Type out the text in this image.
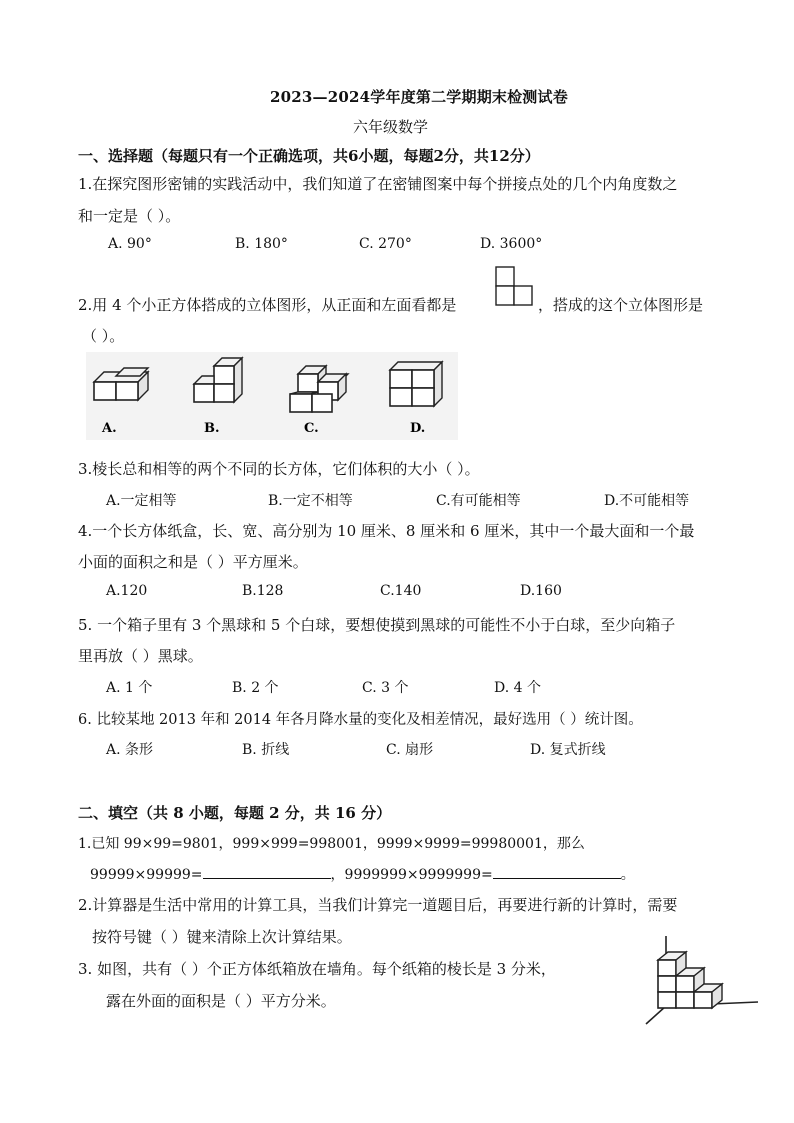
2023—2024学年度第二学期期末检测试卷
六年级数学
一、选择题（每题只有一个正确选项，共6小题，每题2分，共12分）
1.在探究图形密铺的实践活动中，我们知道了在密铺图案中每个拼接点处的几个内角度数之
和一定是（ ）。
A. 90°	B. 180°	C. 270°	D. 3600°
2.用 4 个小正方体搭成的立体图形，从正面和左面看都是	，搭成的这个立体图形是
（ ）。
A.	B.	C.	D.
3.棱长总和相等的两个不同的长方体，它们体积的大小（ ）。
A.一定相等	B.一定不相等	C.有可能相等	D.不可能相等
4.一个长方体纸盒，长、宽、高分别为 10 厘米、8 厘米和 6 厘米，其中一个最大面和一个最
小面的面积之和是（ ）平方厘米。
A.120	B.128	C.140	D.160
5. 一个箱子里有 3 个黑球和 5 个白球，要想使摸到黑球的可能性不小于白球，至少向箱子
里再放（ ）黑球。
A. 1 个	B. 2 个	C. 3 个	D. 4 个
6. 比较某地 2013 年和 2014 年各月降水量的变化及相差情况，最好选用（ ）统计图。
A. 条形	B. 折线	C. 扇形	D. 复式折线
二、填空（共 8 小题，每题 2 分，共 16 分）
1.已知 99×99=9801，999×999=998001，9999×9999=99980001，那么
99999×99999=	，9999999×9999999=	。
2.计算器是生活中常用的计算工具，当我们计算完一道题目后，再要进行新的计算时，需要
按符号键（ ）键来清除上次计算结果。
3. 如图，共有（ ）个正方体纸箱放在墙角。每个纸箱的棱长是 3 分米，
露在外面的面积是（ ）平方分米。
